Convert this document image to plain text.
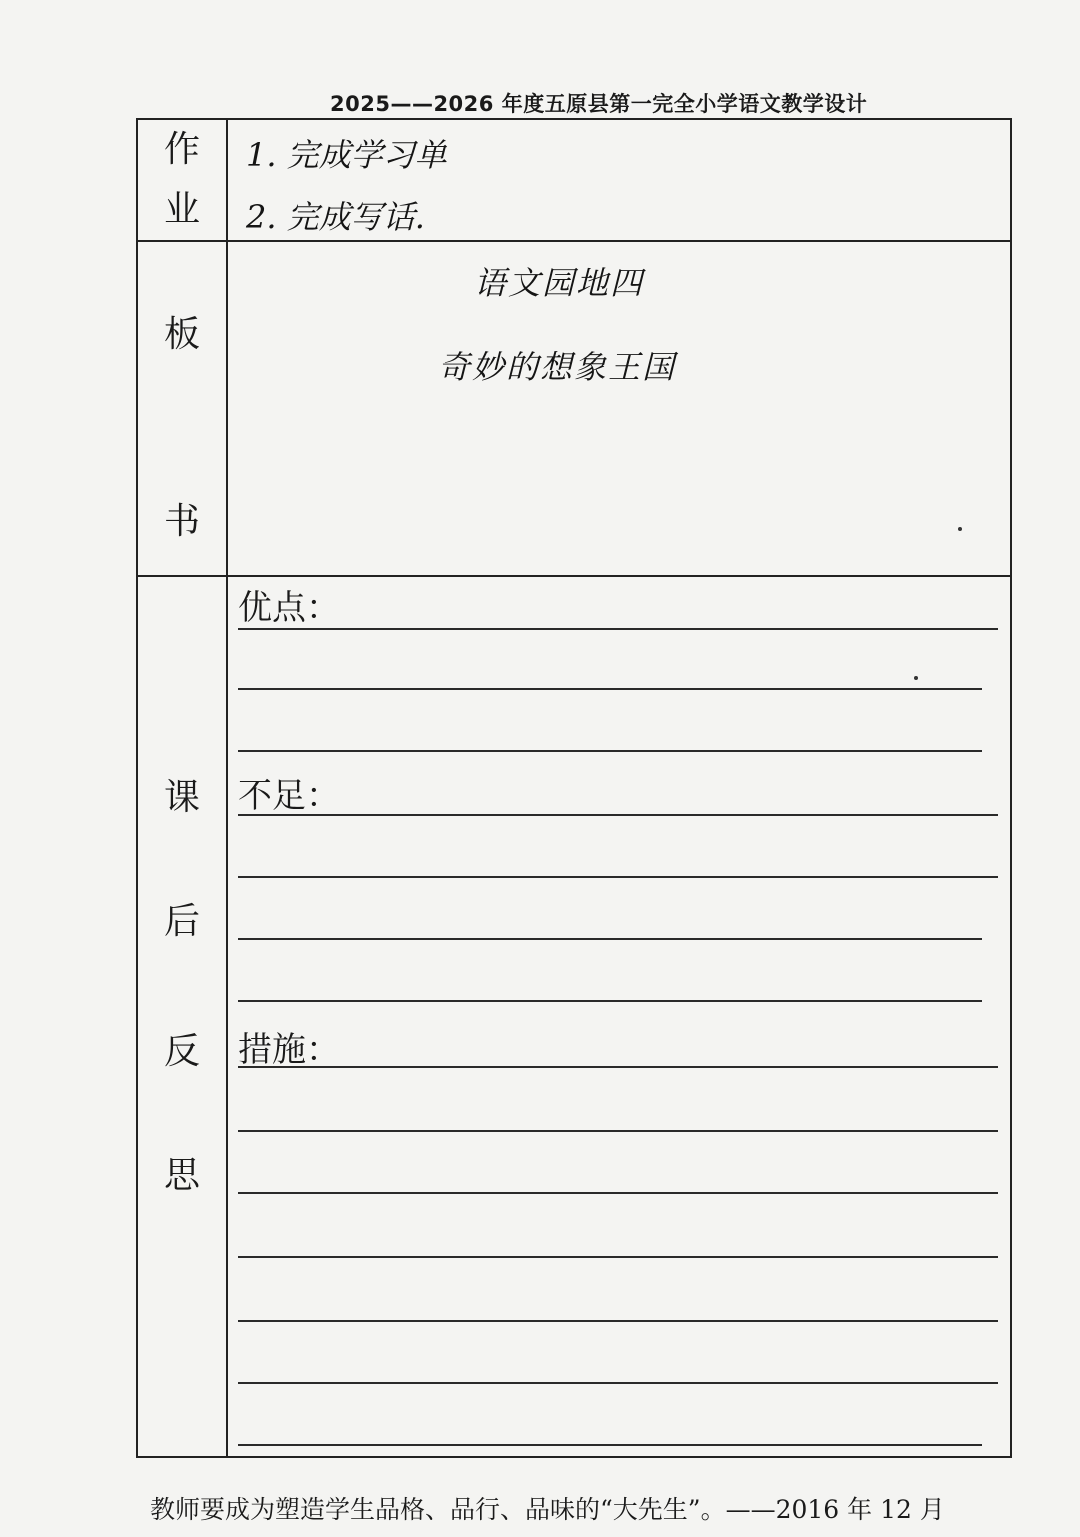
2025——2026 年度五原县第一完全小学语文教学设计
作
业
1. 完成学习单
2. 完成写话.
板
书
语文园地四
奇妙的想象王国
课
后
反
思
优点：
不足：
措施：
教师要成为塑造学生品格、品行、品味的“大先生”。——2016 年 12 月
